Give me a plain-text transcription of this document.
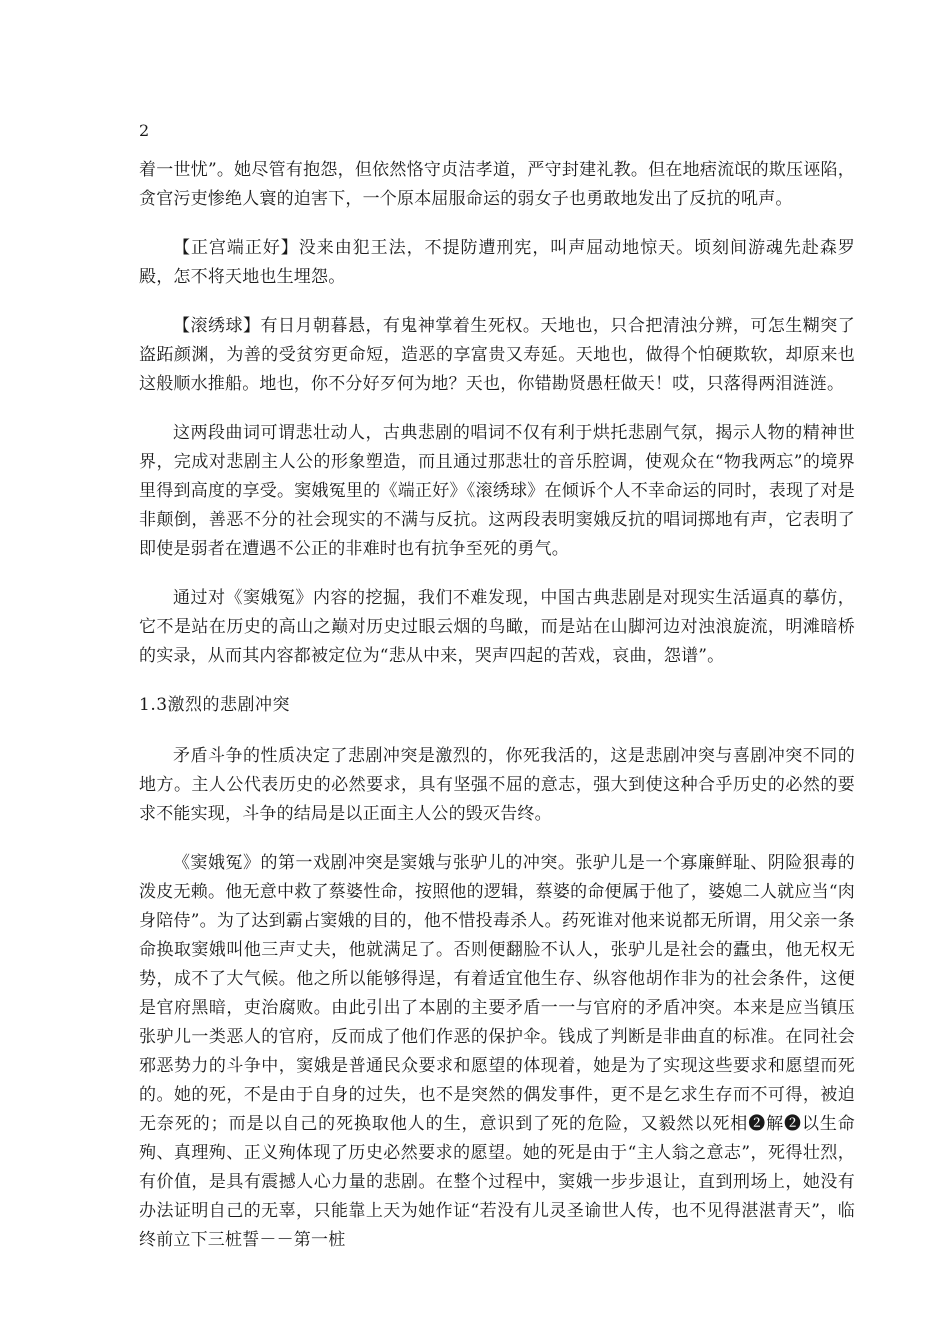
2

着一世忧”。她尽管有抱怨，但依然恪守贞洁孝道，严守封建礼教。但在地痞流氓的欺压诬陷，贪官污吏惨绝人寰的迫害下，一个原本屈服命运的弱女子也勇敢地发出了反抗的吼声。

【正宫端正好】没来由犯王法，不提防遭刑宪，叫声屈动地惊天。顷刻间游魂先赴森罗殿，怎不将天地也生埋怨。

【滚绣球】有日月朝暮悬，有鬼神掌着生死权。天地也，只合把清浊分辨，可怎生糊突了盗跖颜渊，为善的受贫穷更命短，造恶的享富贵又寿延。天地也，做得个怕硬欺软，却原来也这般顺水推船。地也，你不分好歹何为地？天也，你错勘贤愚枉做天！哎，只落得两泪涟涟。

这两段曲词可谓悲壮动人，古典悲剧的唱词不仅有利于烘托悲剧气氛，揭示人物的精神世界，完成对悲剧主人公的形象塑造，而且通过那悲壮的音乐腔调，使观众在“物我两忘”的境界里得到高度的享受。窦娥冤里的《端正好》《滚绣球》在倾诉个人不幸命运的同时，表现了对是非颠倒，善恶不分的社会现实的不满与反抗。这两段表明窦娥反抗的唱词掷地有声，它表明了即使是弱者在遭遇不公正的非难时也有抗争至死的勇气。

通过对《窦娥冤》内容的挖掘，我们不难发现，中国古典悲剧是对现实生活逼真的摹仿，它不是站在历史的高山之巅对历史过眼云烟的鸟瞰，而是站在山脚河边对浊浪旋流，明滩暗桥的实录，从而其内容都被定位为“悲从中来，哭声四起的苦戏，哀曲，怨谱”。

1.3激烈的悲剧冲突

矛盾斗争的性质决定了悲剧冲突是激烈的，你死我活的，这是悲剧冲突与喜剧冲突不同的地方。主人公代表历史的必然要求，具有坚强不屈的意志，强大到使这种合乎历史的必然的要求不能实现，斗争的结局是以正面主人公的毁灭告终。

《窦娥冤》的第一戏剧冲突是窦娥与张驴儿的冲突。张驴儿是一个寡廉鲜耻、阴险狠毒的泼皮无赖。他无意中救了蔡婆性命，按照他的逻辑，蔡婆的命便属于他了，婆媳二人就应当“肉身陪侍”。为了达到霸占窦娥的目的，他不惜投毒杀人。药死谁对他来说都无所谓，用父亲一条命换取窦娥叫他三声丈夫，他就满足了。否则便翻脸不认人，张驴儿是社会的蠹虫，他无权无势，成不了大气候。他之所以能够得逞，有着适宜他生存、纵容他胡作非为的社会条件，这便是官府黑暗，吏治腐败。由此引出了本剧的主要矛盾一一与官府的矛盾冲突。本来是应当镇压张驴儿一类恶人的官府，反而成了他们作恶的保护伞。钱成了判断是非曲直的标准。在同社会邪恶势力的斗争中，窦娥是普通民众要求和愿望的体现着，她是为了实现这些要求和愿望而死的。她的死，不是由于自身的过失，也不是突然的偶发事件，更不是乞求生存而不可得，被迫无奈死的；而是以自己的死换取他人的生，意识到了死的危险，又毅然以死相❷解❷以生命殉、真理殉、正义殉体现了历史必然要求的愿望。她的死是由于“主人翁之意志”，死得壮烈，有价值，是具有震撼人心力量的悲剧。在整个过程中，窦娥一步步退让，直到刑场上，她没有办法证明自己的无辜，只能靠上天为她作证“若没有儿灵圣谕世人传，也不见得湛湛青天”，临终前立下三桩誓－－第一桩
